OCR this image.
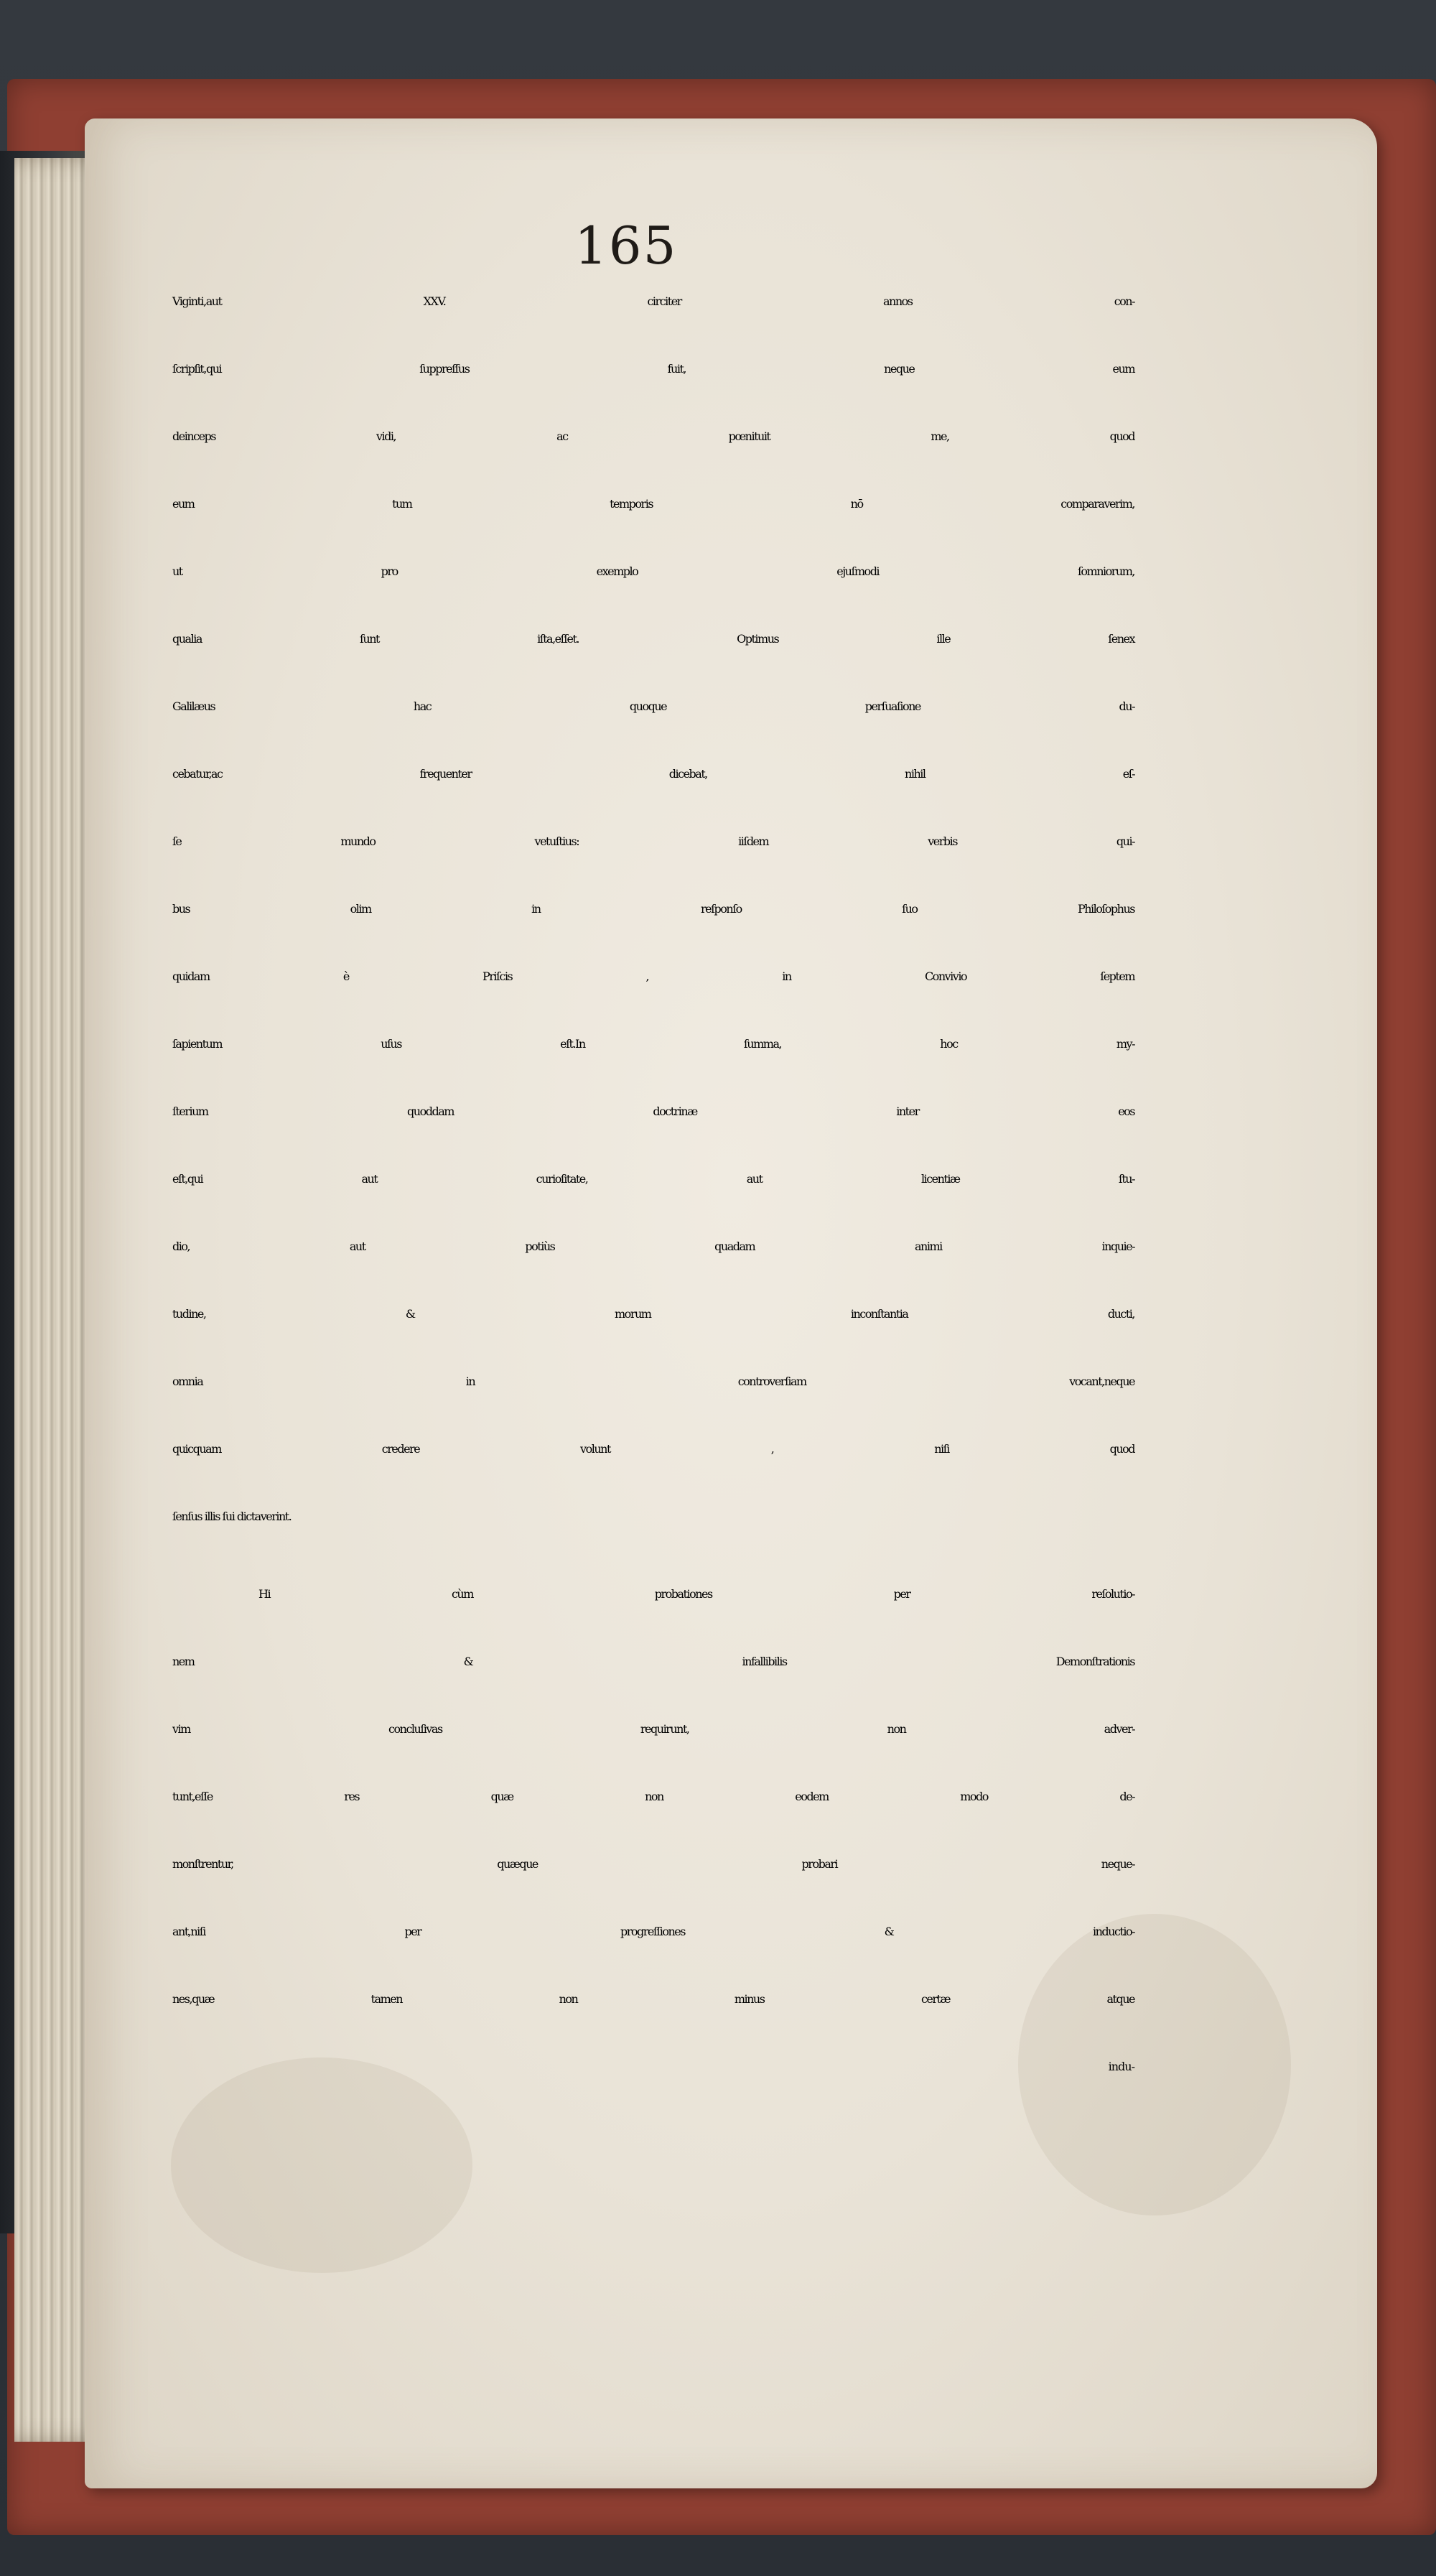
165
Viginti,aut XXV. circiter annos con-
ſcripſit,qui ſuppreſſus fuit, neque eum
deinceps vidi, ac pœnituit me, quod
eum tum temporis nō comparaverim,
ut pro exemplo ejuſmodi ſomniorum,
qualia ſunt iſta,eſſet. Optimus ille ſenex
Galilæus hac quoque perſuaſione du-
cebatur,ac frequenter dicebat, nihil eſ-
ſe mundo vetuſtius: iiſdem verbis qui-
bus olim in reſponſo ſuo Philoſophus
quidam è Priſcis , in Convivio ſeptem
ſapientum uſus eſt.In ſumma, hoc my-
ſterium quoddam doctrinæ inter eos
eſt,qui aut curioſitate, aut licentiæ ſtu-
dio, aut potiùs quadam animi inquie-
tudine, & morum inconſtantia ducti,
omnia in controverſiam vocant,neque
quicquam credere volunt , niſi quod
ſenſus illis ſui dictaverint.
Hi cùm probationes per reſolutio-
nem & infallibilis Demonſtrationis
vim concluſivas requirunt, non adver-
tunt,eſſe res quæ non eodem modo de-
monſtrentur, quæque probari neque-
ant,niſi per progreſſiones & inductio-
nes,quæ tamen non minus certæ atque
indu-
